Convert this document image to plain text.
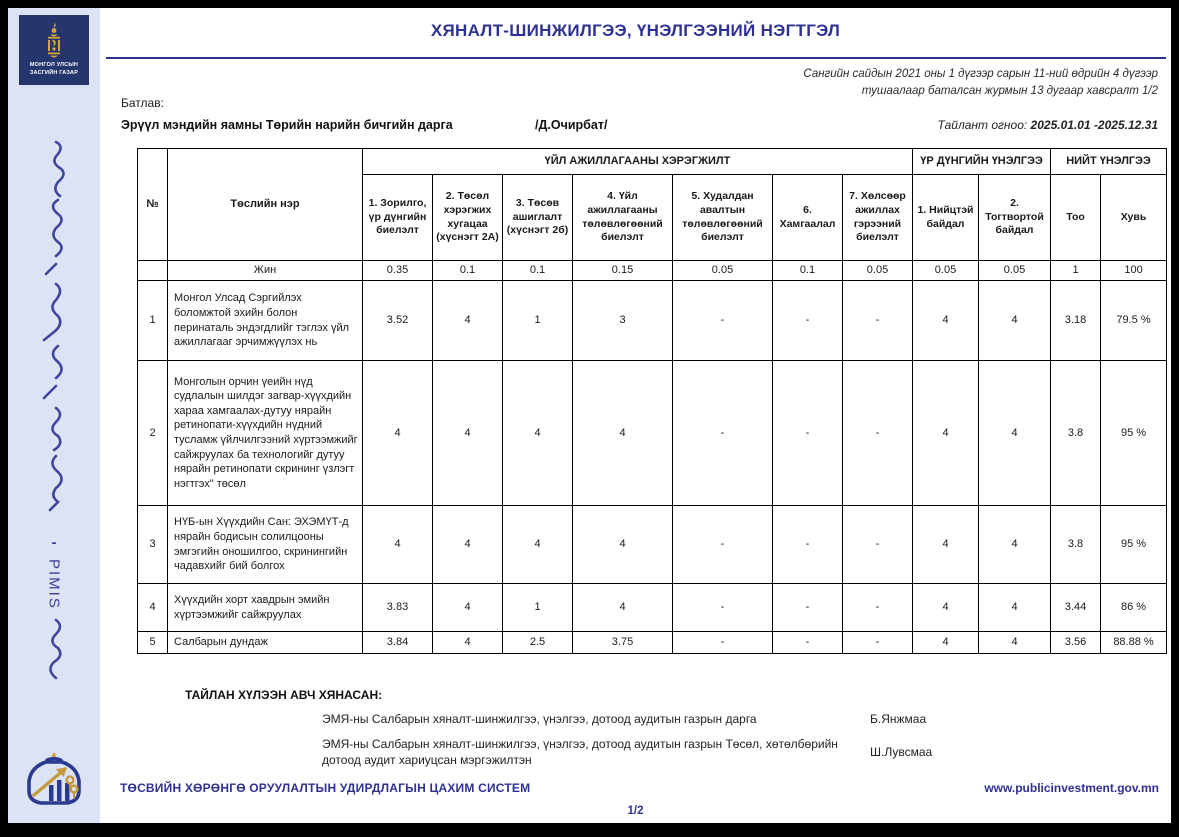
МОНГОЛ УЛСЫН
ЗАСГИЙН ГАЗАР
-
PIMIS
ХЯНАЛТ-ШИНЖИЛГЭЭ, ҮНЭЛГЭЭНИЙ НЭГТГЭЛ
Сангийн сайдын 2021 оны 1 дүгээр сарын 11-ний өдрийн 4 дүгээр
тушаалаар баталсан журмын 13 дугаар хавсралт 1/2
Батлав:
Эрүүл мэндийн яамны Төрийн нарийн бичгийн дарга	/Д.Очирбат/	Тайлант огноо: 2025.01.01 -2025.12.31
№	Төслийн нэр	ҮЙЛ АЖИЛЛАГААНЫ ХЭРЭГЖИЛТ							ҮР ДҮНГИЙН ҮНЭЛГЭЭ		НИЙТ ҮНЭЛГЭЭ	
		1. Зорилго, үр дүнгийн биелэлт	2. Төсөл хэрэгжих хугацаа (хүснэгт 2А)	3. Төсөв ашиглалт (хүснэгт 2б)	4. Үйл ажиллагааны төлөвлөгөөний биелэлт	5. Худалдан авалтын төлөвлөгөөний биелэлт	6. Хамгаалал	7. Хөлсөөр ажиллах гэрээний биелэлт	1. Нийцтэй байдал	2. Тогтвортой байдал	Тоо	Хувь
	Жин	0.35	0.1	0.1	0.15	0.05	0.1	0.05	0.05	0.05	1	100
1	Монгол Улсад Сэргийлэх боломжтой эхийн болон перинаталь эндэгдлийг тэглэх үйл ажиллагааг эрчимжүүлэх нь	3.52	4	1	3	-	-	-	4	4	3.18	79.5 %
2	Монголын орчин үеийн нүд судлалын шилдэг загвар-хүүхдийн хараа хамгаалах-дутуу нярайн ретинопати-хүүхдийн нүдний тусламж үйлчилгээний хүртээмжийг сайжруулах ба технологийг дутуу нярайн ретинопати скрининг үзлэгт нэгтгэх" төсөл	4	4	4	4	-	-	-	4	4	3.8	95 %
3	НҮБ-ын Хүүхдийн Сан: ЭХЭМҮТ-д нярайн бодисын солилцооны эмгэгийн оношилгоо, скринингийн чадавхийг бий болгох	4	4	4	4	-	-	-	4	4	3.8	95 %
4	Хүүхдийн хорт хавдрын эмийн хүртээмжийг сайжруулах	3.83	4	1	4	-	-	-	4	4	3.44	86 %
5	Салбарын дундаж	3.84	4	2.5	3.75	-	-	-	4	4	3.56	88.88 %
ТАЙЛАН ХҮЛЭЭН АВЧ ХЯНАСАН:
ЭМЯ-ны Салбарын хяналт-шинжилгээ, үнэлгээ, дотоод аудитын газрын дарга	Б.Янжмаа
ЭМЯ-ны Салбарын хяналт-шинжилгээ, үнэлгээ, дотоод аудитын газрын Төсөл, хөтөлбөрийн дотоод аудит хариуцсан мэргэжилтэн
Ш.Лувсмаа
ТӨСВИЙН ХӨРӨНГӨ ОРУУЛАЛТЫН УДИРДЛАГЫН ЦАХИМ СИСТЕМ	www.publicinvestment.gov.mn
1/2
